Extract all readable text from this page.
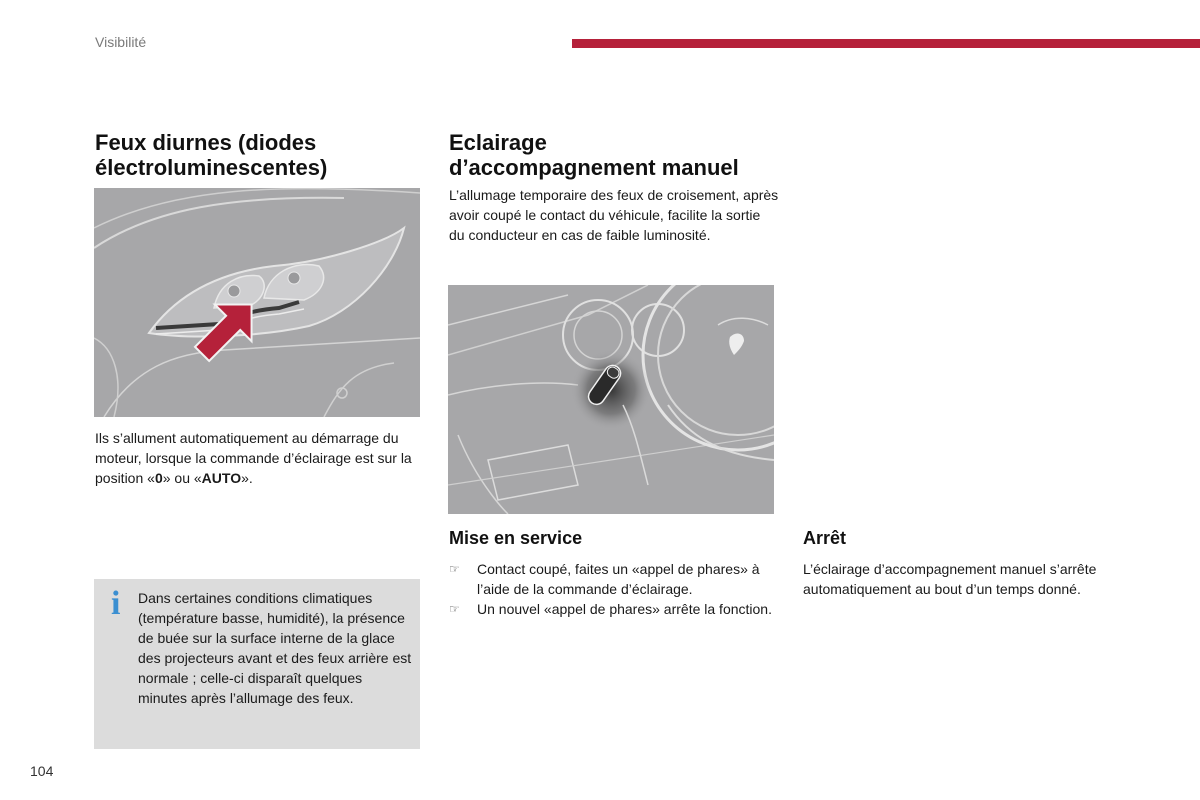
Visibilité
Feux diurnes (diodes
électroluminescentes)

Ils s’allument automatiquement au démarrage du moteur, lorsque la commande d’éclairage est sur la position «0» ou «AUTO».

i Dans certaines conditions climatiques (température basse, humidité), la présence de buée sur la surface interne de la glace des projecteurs avant et des feux arrière est normale ; celle-ci disparaît quelques minutes après l’allumage des feux.

Eclairage
d’accompagnement manuel

L’allumage temporaire des feux de croisement, après avoir coupé le contact du véhicule, facilite la sortie du conducteur en cas de faible luminosité.

Mise en service
☞ Contact coupé, faites un «appel de phares» à l’aide de la commande d’éclairage.
☞ Un nouvel «appel de phares» arrête la fonction.
Arrêt

L’éclairage d’accompagnement manuel s’arrête automatiquement au bout d’un temps donné.

104
